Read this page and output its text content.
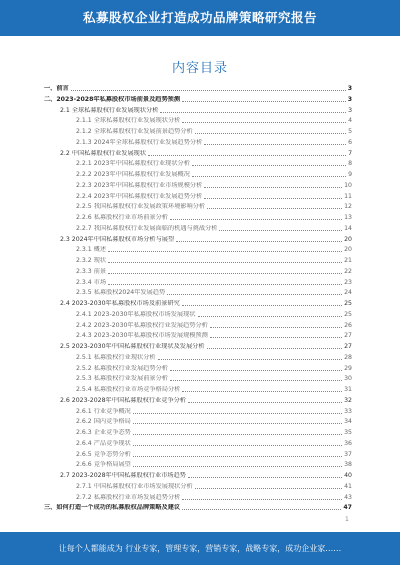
私募股权企业打造成功品牌策略研究报告
内容目录
一、前言	3
二、2023-2028年私募股权市场前景及趋势预测	3
2.1 全球私募股权行业发展现状分析	3
2.1.1 全球私募股权行业发展现状分析	4
2.1.2 全球私募股权行业发展前景趋势分析	5
2.1.3 2024年全球私募股权行业发展趋势分析	6
2.2 中国私募股权行业发展现状	7
2.2.1 2023年中国私募股权行业现状分析	8
2.2.2 2023年中国私募股权行业发展概况	9
2.2.3 2023年中国私募股权行业市场规模分析	10
2.2.4 2023年中国私募股权行业发展趋势分析	11
2.2.5 我国私募股权行业发展政策环境影响分析	12
2.2.6 私募股权行业市场前景分析	13
2.2.7 我国私募股权行业发展面临的机遇与挑战分析	14
2.3 2024年中国私募股权市场分析与展望	20
2.3.1 概述	20
2.3.2 现状	21
2.3.3 前景	22
2.3.4 市场	23
2.3.5 私募股权2024年发展趋势	24
2.4 2023-2030年私募股权市场及前景研究	25
2.4.1 2023-2030年私募股权市场发展现状	25
2.4.2 2023-2030年私募股权行业发展趋势分析	26
2.4.3 2023-2030年私募股权市场发展规模预测	27
2.5 2023-2030年中国私募股权行业现状及发展分析	27
2.5.1 私募股权行业现状分析	28
2.5.2 私募股权行业发展趋势分析	29
2.5.3 私募股权行业发展前景分析	30
2.5.4 私募股权行业市场竞争格局分析	31
2.6 2023-2028年中国私募股权行业竞争分析	32
2.6.1 行业竞争概况	33
2.6.2 国内竞争格局	34
2.6.3 企业竞争态势	35
2.6.4 产品竞争现状	36
2.6.5 竞争态势分析	37
2.6.6 竞争格局展望	38
2.7 2023-2028年中国私募股权行业市场趋势	40
2.7.1 中国私募股权行业市场发展现状分析	41
2.7.2 私募股权行业市场发展趋势分析	43
三、如何打造一个成功的私募股权品牌策略及建议	47
1
让每个人都能成为 行业专家，管理专家，营销专家，战略专家，成功企业家……
